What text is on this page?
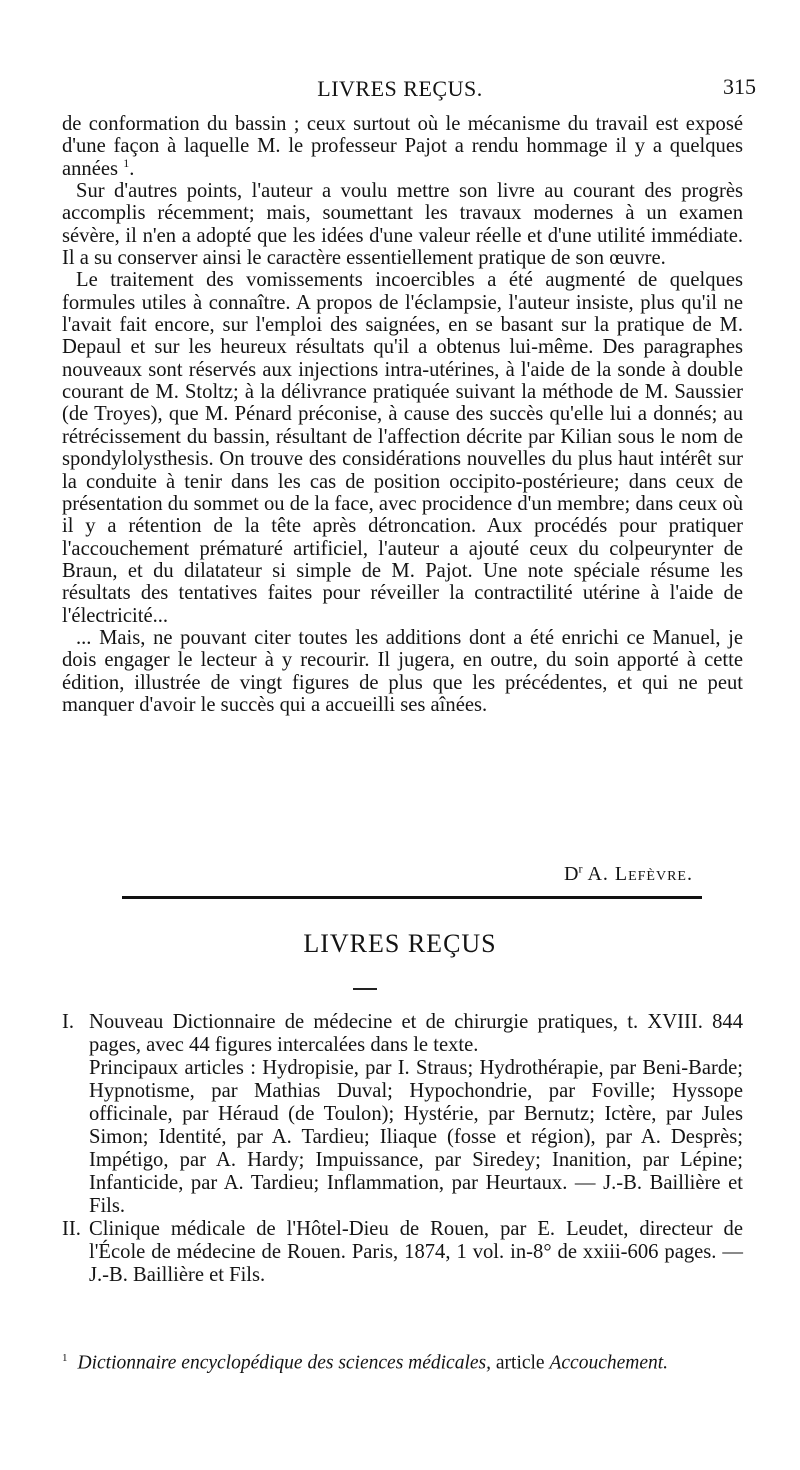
LIVRES REÇUS.	315

de conformation du bassin ; ceux surtout où le mécanisme du travail est exposé d'une façon à laquelle M. le professeur Pajot a rendu hommage il y a quelques années $^1$.

Sur d'autres points, l'auteur a voulu mettre son livre au courant des progrès accomplis récemment; mais, soumettant les travaux modernes à un examen sévère, il n'en a adopté que les idées d'une valeur réelle et d'une utilité immédiate. Il a su conserver ainsi le caractère essentiellement pratique de son œuvre.

Le traitement des vomissements incoercibles a été augmenté de quelques formules utiles à connaître. A propos de l'éclampsie, l'auteur insiste, plus qu'il ne l'avait fait encore, sur l'emploi des saignées, en se basant sur la pratique de M. Depaul et sur les heureux résultats qu'il a obtenus lui-même. Des paragraphes nouveaux sont réservés aux injections intra-utérines, à l'aide de la sonde à double courant de M. Stoltz; à la délivrance pratiquée suivant la méthode de M. Saussier (de Troyes), que M. Pénard préconise, à cause des succès qu'elle lui a donnés; au rétrécissement du bassin, résultant de l'affection décrite par Kilian sous le nom de spondylolysthesis. On trouve des considérations nouvelles du plus haut intérêt sur la conduite à tenir dans les cas de position occipito-postérieure; dans ceux de présentation du sommet ou de la face, avec procidence d'un membre; dans ceux où il y a rétention de la tête après détroncation. Aux procédés pour pratiquer l'accouchement prématuré artificiel, l'auteur a ajouté ceux du colpeurynter de Braun, et du dilatateur si simple de M. Pajot. Une note spéciale résume les résultats des tentatives faites pour réveiller la contractilité utérine à l'aide de l'électricité...

... Mais, ne pouvant citer toutes les additions dont a été enrichi ce Manuel, je dois engager le lecteur à y recourir. Il jugera, en outre, du soin apporté à cette édition, illustrée de vingt figures de plus que les précédentes, et qui ne peut manquer d'avoir le succès qui a accueilli ses aînées.

$D^r$ A. Lefèvre.
LIVRES REÇUS
I. Nouveau Dictionnaire de médecine et de chirurgie pratiques, t. XVIII. 844 pages, avec 44 figures intercalées dans le texte.

Principaux articles : Hydropisie, par I. Straus; Hydrothérapie, par Beni-Barde; Hypnotisme, par Mathias Duval; Hypochondrie, par Foville; Hyssope officinale, par Héraud (de Toulon); Hystérie, par Bernutz; Ictère, par Jules Simon; Identité, par A. Tardieu; Iliaque (fosse et région), par A. Desprès; Impétigo, par A. Hardy; Impuissance, par Siredey; Inanition, par Lépine; Infanticide, par A. Tardieu; Inflammation, par Heurtaux. — J.-B. Baillière et Fils.

II. Clinique médicale de l'Hôtel-Dieu de Rouen, par E. Leudet, directeur de l'École de médecine de Rouen. Paris, 1874, 1 vol. in-8° de xxiii-606 pages. — J.-B. Baillière et Fils.

$^1$ Dictionnaire encyclopédique des sciences médicales, article Accouchement.
